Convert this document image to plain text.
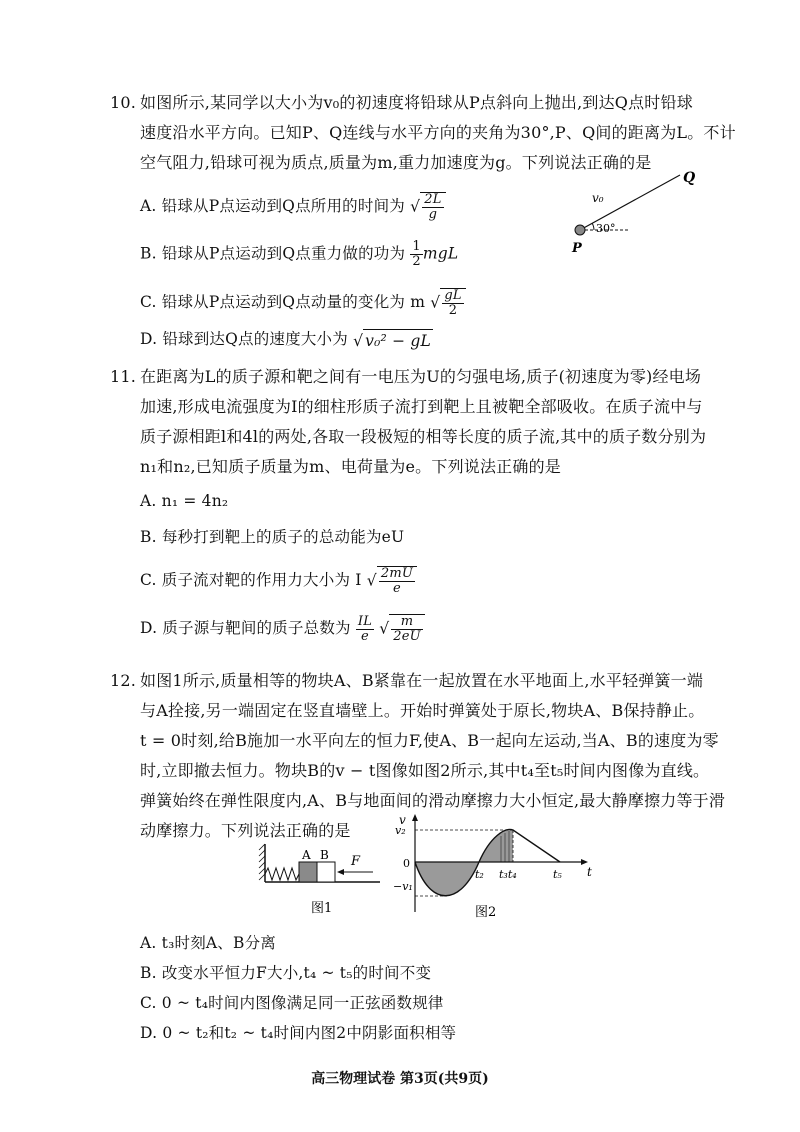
10. 如图所示,某同学以大小为v₀的初速度将铅球从P点斜向上抛出,到达Q点时铅球
速度沿水平方向。已知P、Q连线与水平方向的夹角为30°,P、Q间的距离为L。不计
空气阻力,铅球可视为质点,质量为m,重力加速度为g。下列说法正确的是
A. 铅球从P点运动到Q点所用的时间为 √ $\frac{2L}{g}$
B. 铅球从P点运动到Q点重力做的功为 $\frac{1}{2}$ mgL
C. 铅球从P点运动到Q点动量的变化为 m √ $\frac{gL}{2}$
D. 铅球到达Q点的速度大小为 √ v₀² − gL
P
Q
v₀
30°
11. 在距离为L的质子源和靶之间有一电压为U的匀强电场,质子(初速度为零)经电场
加速,形成电流强度为I的细柱形质子流打到靶上且被靶全部吸收。在质子流中与
质子源相距l和4l的两处,各取一段极短的相等长度的质子流,其中的质子数分别为
n₁和n₂,已知质子质量为m、电荷量为e。下列说法正确的是
A. n₁ = 4n₂
B. 每秒打到靶上的质子的总动能为eU
C. 质子流对靶的作用力大小为 I √ $\frac{2mU}{e}$
D. 质子源与靶间的质子总数为 $\frac{IL}{e}$ √ $\frac{m}{2eU}$
12. 如图1所示,质量相等的物块A、B紧靠在一起放置在水平地面上,水平轻弹簧一端
与A拴接,另一端固定在竖直墙壁上。开始时弹簧处于原长,物块A、B保持静止。
t = 0时刻,给B施加一水平向左的恒力F,使A、B一起向左运动,当A、B的速度为零
时,立即撤去恒力。物块B的v − t图像如图2所示,其中t₄至t₅时间内图像为直线。
弹簧始终在弹性限度内,A、B与地面间的滑动摩擦力大小恒定,最大静摩擦力等于滑
动摩擦力。下列说法正确的是
A B F
图1
v
t
v₂
0
−v₁
t₂ t₃t₄	t₅
图2
A. t₃时刻A、B分离
B. 改变水平恒力F大小,t₄ ~ t₅的时间不变
C. 0 ~ t₄时间内图像满足同一正弦函数规律
D. 0 ~ t₂和t₂ ~ t₄时间内图2中阴影面积相等
高三物理试卷 第3页(共9页)
